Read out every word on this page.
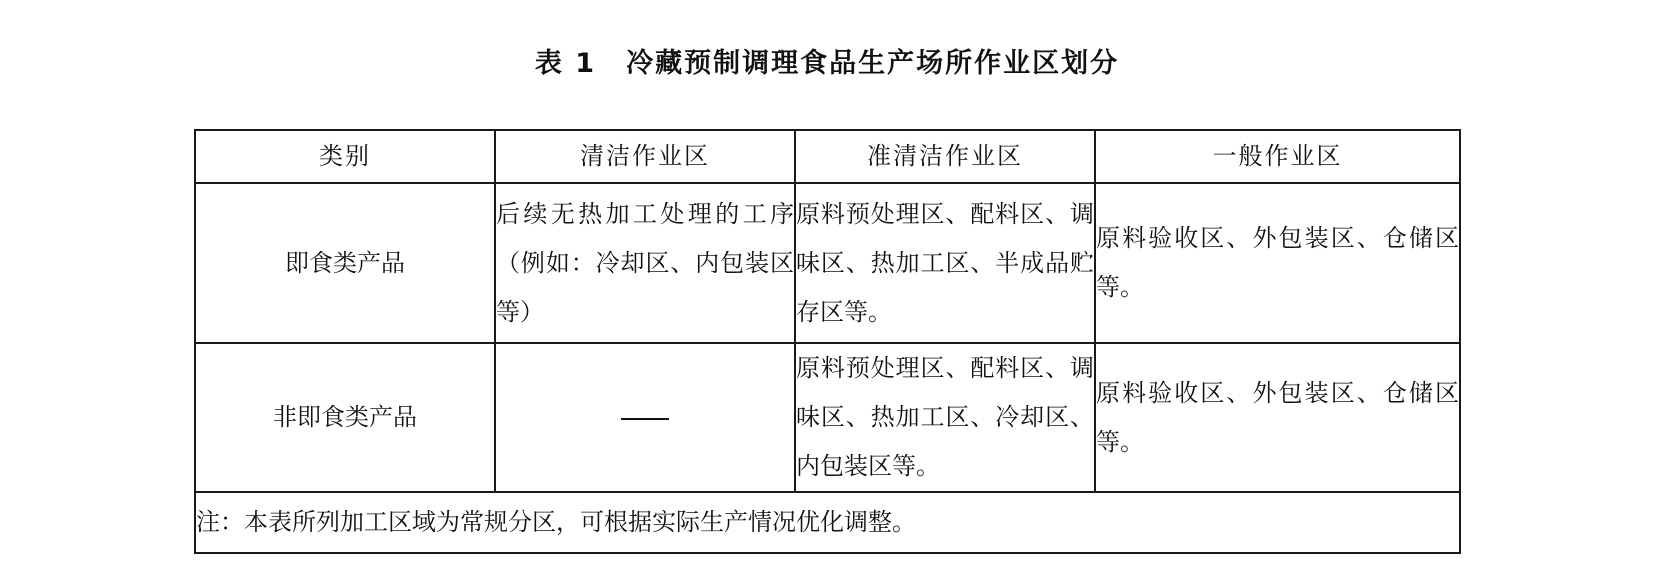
表 1 冷藏预制调理食品生产场所作业区划分
类别	清洁作业区	准清洁作业区	一般作业区
即食类产品	后续无热加工处理的工序（例如：冷却区、内包装区等）	原料预处理区、配料区、调味区、热加工区、半成品贮存区等。	原料验收区、外包装区、仓储区等。
非即食类产品		原料预处理区、配料区、调味区、热加工区、冷却区、内包装区等。	原料验收区、外包装区、仓储区等。
注：本表所列加工区域为常规分区，可根据实际生产情况优化调整。			
